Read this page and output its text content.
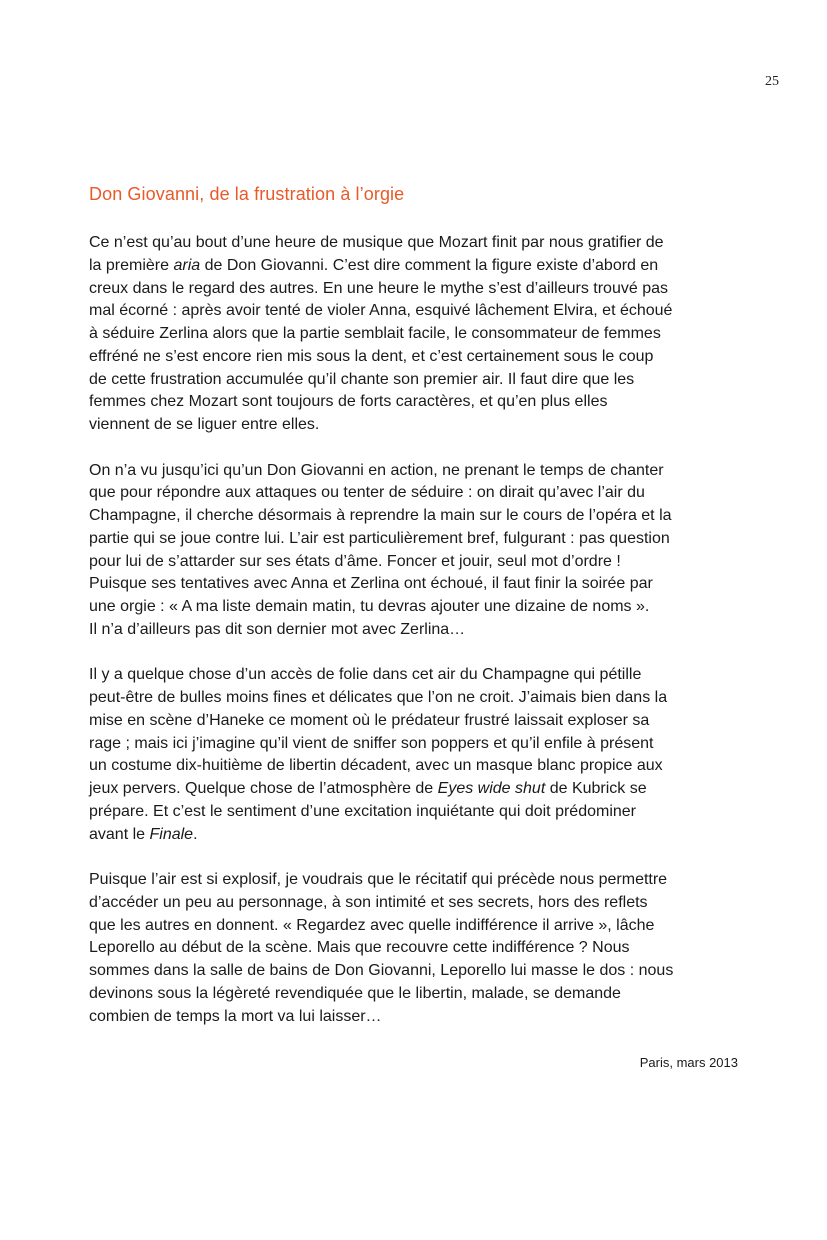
25
Don Giovanni, de la frustration à l’orgie

Ce n’est qu’au bout d’une heure de musique que Mozart finit par nous gratifier de
la première aria de Don Giovanni. C’est dire comment la figure existe d’abord en
creux dans le regard des autres. En une heure le mythe s’est d’ailleurs trouvé pas
mal écorné : après avoir tenté de violer Anna, esquivé lâchement Elvira, et échoué
à séduire Zerlina alors que la partie semblait facile, le consommateur de femmes
effréné ne s’est encore rien mis sous la dent, et c’est certainement sous le coup
de cette frustration accumulée qu’il chante son premier air. Il faut dire que les
femmes chez Mozart sont toujours de forts caractères, et qu’en plus elles
viennent de se liguer entre elles.

On n’a vu jusqu’ici qu’un Don Giovanni en action, ne prenant le temps de chanter
que pour répondre aux attaques ou tenter de séduire : on dirait qu’avec l’air du
Champagne, il cherche désormais à reprendre la main sur le cours de l’opéra et la
partie qui se joue contre lui. L’air est particulièrement bref, fulgurant : pas question
pour lui de s’attarder sur ses états d’âme. Foncer et jouir, seul mot d’ordre !
Puisque ses tentatives avec Anna et Zerlina ont échoué, il faut finir la soirée par
une orgie : « A ma liste demain matin, tu devras ajouter une dizaine de noms ».
Il n’a d’ailleurs pas dit son dernier mot avec Zerlina…

Il y a quelque chose d’un accès de folie dans cet air du Champagne qui pétille
peut-être de bulles moins fines et délicates que l’on ne croit. J’aimais bien dans la
mise en scène d’Haneke ce moment où le prédateur frustré laissait exploser sa
rage ; mais ici j’imagine qu’il vient de sniffer son poppers et qu’il enfile à présent
un costume dix-huitième de libertin décadent, avec un masque blanc propice aux
jeux pervers. Quelque chose de l’atmosphère de Eyes wide shut de Kubrick se
prépare. Et c’est le sentiment d’une excitation inquiétante qui doit prédominer
avant le Finale.

Puisque l’air est si explosif, je voudrais que le récitatif qui précède nous permettre
d’accéder un peu au personnage, à son intimité et ses secrets, hors des reflets
que les autres en donnent. « Regardez avec quelle indifférence il arrive », lâche
Leporello au début de la scène. Mais que recouvre cette indifférence ? Nous
sommes dans la salle de bains de Don Giovanni, Leporello lui masse le dos : nous
devinons sous la légèreté revendiquée que le libertin, malade, se demande
combien de temps la mort va lui laisser…

Paris, mars 2013
